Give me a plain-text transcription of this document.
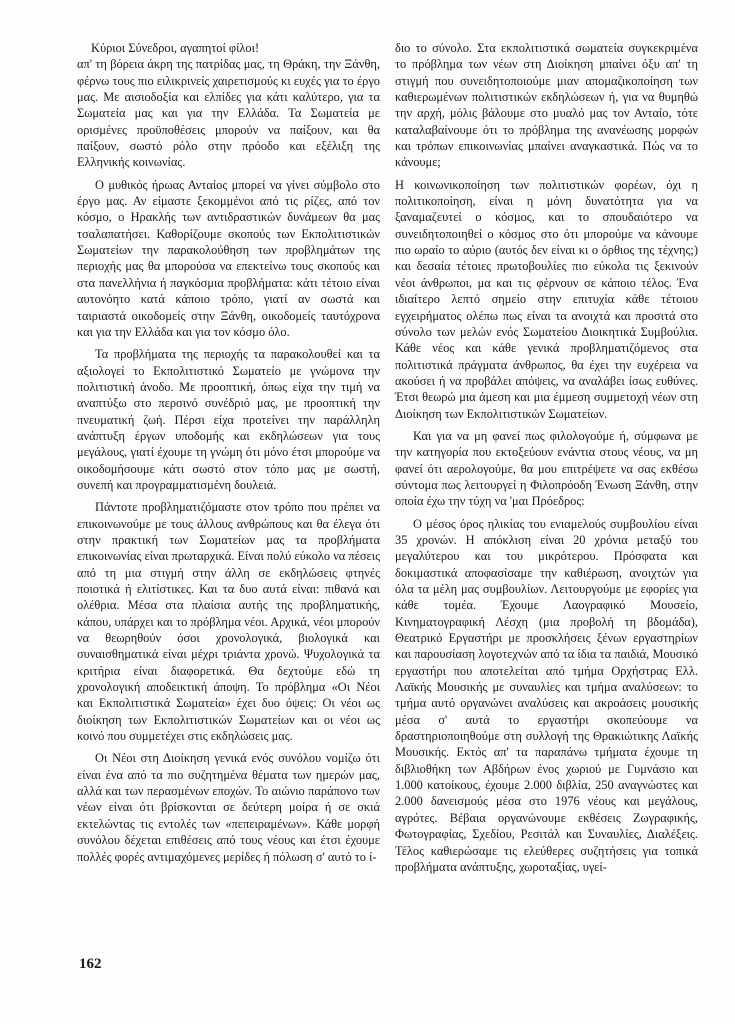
Κύριοι Σύνεδροι, αγαπητοί φίλοι!

απ' τη βόρεια άκρη της πατρίδας μας, τη Θράκη, την Ξάνθη, φέρνω τους πιο ειλικρινείς χαιρετισμούς κι ευχές για το έργο μας. Με αισιοδοξία και ελπίδες για κάτι καλύτερο, για τα Σωματεία μας και για την Ελλάδα. Τα Σωματεία με ορισμένες προϋποθέσεις μπορούν να παίξουν, και θα παίξουν, σωστό ρόλο στην πρόοδο και εξέλιξη της Ελληνικής κοινωνίας.

Ο μυθικός ήρωας Ανταίος μπορεί να γίνει σύμβολο στο έργο μας. Αν είμαστε ξεκομμένοι από τις ρίζες, από τον κόσμο, ο Ηρακλής των αντιδραστικών δυνάμεων θα μας τσαλαπατήσει. Καθορίζουμε σκοπούς των Εκπολιτιστικών Σωματείων την παρακολούθηση των προβλημάτων της περιοχής μας θα μπορούσα να επεκτείνω τους σκοπούς και στα πανελλήνια ή παγκόσμια προβλήματα: κάτι τέτοιο είναι αυτονόητο κατά κάποιο τρόπο, γιατί αν σωστά και ταιριαστά οικοδομείς στην Ξάνθη, οικοδομείς ταυτόχρονα και για την Ελλάδα και για τον κόσμο όλο.

Τα προβλήματα της περιοχής τα παρακολουθεί και τα αξιολογεί το Εκπολιτιστικό Σωματείο με γνώμονα την πολιτιστική άνοδο. Με προοπτική, όπως είχα την τιμή να αναπτύξω στο περσινό συνέδριό μας, με προοπτική την πνευματική ζωή. Πέρσι είχα προτείνει την παράλληλη ανάπτυξη έργων υποδομής και εκδηλώσεων για τους μεγάλους, γιατί έχουμε τη γνώμη ότι μόνο έτσι μπορούμε να οικοδομήσουμε κάτι σωστό στον τόπο μας με σωστή, συνεπή και προγραμματισμένη δουλειά.

Πάντοτε προβληματιζόμαστε στον τρόπο που πρέπει να επικοινωνούμε με τους άλλους ανθρώπους και θα έλεγα ότι στην πρακτική των Σωματείων μας τα προβλήματα επικοινωνίας είναι πρωταρχικά. Είναι πολύ εύκολο να πέσεις από τη μια στιγμή στην άλλη σε εκδηλώσεις φτηνές ποιοτικά ή ελιτίστικες. Και τα δυο αυτά είναι: πιθανά και ολέθρια. Μέσα στα πλαίσια αυτής της προβληματικής, κάπου, υπάρχει και το πρόβλημα νέοι. Αρχικά, νέοι μπορούν να θεωρηθούν όσοι χρονολογικά, βιολογικά και συναισθηματικά είναι μέχρι τριάντα χρονώ. Ψυχολογικά τα κριτήρια είναι διαφορετικά. Θα δεχτούμε εδώ τη χρονολογική αποδεικτική άποψη. Το πρόβλημα «Οι Νέοι και Εκπολιτιστικά Σωματεία» έχει δυο όψεις: Οι νέοι ως διοίκηση των Εκπολιτιστικών Σωματείων και οι νέοι ως κοινό που συμμετέχει στις εκδηλώσεις μας.

Οι Νέοι στη Διοίκηση γενικά ενός συνόλου νομίζω ότι είναι ένα από τα πιο συζητημένα θέματα των ημερών μας, αλλά και των περασμένων εποχών. Το αιώνιο παράπονο των νέων είναι ότι βρίσκονται σε δεύτερη μοίρα ή σε σκιά εκτελώντας τις εντολές των «πεπειραμένων». Κάθε μορφή συνόλου δέχεται επιθέσεις από τους νέους και έτσι έχουμε πολλές φορές αντιμαχόμενες μερίδες ή πόλωση σ' αυτό το ί-

διο το σύνολο. Στα εκπολιτιστικά σωματεία συγκεκριμένα το πρόβλημα των νέων στη Διοίκηση μπαίνει όξυ απ' τη στιγμή που συνειδητοποιούμε μιαν απομαζικοποίηση των καθιερωμένων πολιτιστικών εκδηλώσεων ή, για να θυμηθώ την αρχή, μόλις βάλουμε στο μυαλό μας τον Ανταίο, τότε καταλαβαίνουμε ότι το πρόβλημα της ανανέωσης μορφών και τρόπων επικοινωνίας μπαίνει αναγκαστικά. Πώς να το κάνουμε;

Η κοινωνικοποίηση των πολιτιστικών φορέων, όχι η πολιτικοποίηση, είναι η μόνη δυνατότητα για να ξαναμαζευτεί ο κόσμος, και το σπουδαιότερο να συνειδητοποιηθεί ο κόσμος στο ότι μπορούμε να κάνουμε πιο ωραίο το αύριο (αυτός δεν είναι κι ο όρθιος της τέχνης;) και δεσαία τέτοιες πρωτοβουλίες πιο εύκολα τις ξεκινούν νέοι άνθρωποι, μα και τις φέρνουν σε κάποιο τέλος. Ένα ιδιαίτερο λεπτό σημείο στην επιτυχία κάθε τέτοιου εγχειρήματος ολέπω πως είναι τα ανοιχτά και προσιτά στο σύνολο των μελών ενός Σωματείου Διοικητικά Συμβούλια. Κάθε νέος και κάθε γενικά προβληματιζόμενος στα πολιτιστικά πράγματα άνθρωπος, θα έχει την ευχέρεια να ακούσει ή να προβάλει απόψεις, να αναλάβει ίσως ευθύνες. Έτσι θεωρώ μια άμεση και μια έμμεση συμμετοχή νέων στη Διοίκηση των Εκπολιτιστικών Σωματείων.

Και για να μη φανεί πως φιλολογούμε ή, σύμφωνα με την κατηγορία που εκτοξεύουν ενάντια στους νέους, να μη φανεί ότι αερολογούμε, θα μου επιτρέψετε να σας εκθέσω σύντομα πως λειτουργεί η Φιλοπρόοδη Ένωση Ξάνθη, στην οποία έχω την τύχη να 'μαι Πρόεδρος:

Ο μέσος όρος ηλικίας του ενιαμελούς συμβουλίου είναι 35 χρονών. Η απόκλιση είναι 20 χρόνια μεταξύ του μεγαλύτερου και του μικρότερου. Πρόσφατα και δοκιμαστικά αποφασίσαμε την καθιέρωση, ανοιχτών για όλα τα μέλη μας συμβουλίων. Λειτουργούμε με εφορίες για κάθε τομέα. Έχουμε Λαογραφικό Μουσείο, Κινηματογραφική Λέσχη (μια προβολή τη βδομάδα), Θεατρικό Εργαστήρι με προσκλήσεις ξένων εργαστηρίων και παρουσίαση λογοτεχνών από τα ίδια τα παιδιά, Μουσικό εργαστήρι που αποτελείται από τμήμα Ορχήστρας Ελλ. Λαϊκής Μουσικής με συναυλίες και τμήμα αναλύσεων: το τμήμα αυτό οργανώνει αναλύσεις και ακροάσεις μουσικής μέσα σ' αυτά το εργαστήρι σκοπεύουμε να δραστηριοποιηθούμε στη συλλογή της Θρακιώτικης Λαϊκής Μουσικής. Εκτός απ' τα παραπάνω τμήματα έχουμε τη διβλιοθήκη των Αβδήρων ένος χωριού με Γυμνάσιο και 1.000 κατοίκους, έχουμε 2.000 διβλία, 250 αναγνώστες και 2.000 δανεισμούς μέσα στο 1976 νέους και μεγάλους, αγρότες. Βέβαια οργανώνουμε εκθέσεις Ζωγραφικής, Φωτογραφίας, Σχεδίου, Ρεσιτάλ και Συναυλίες, Διαλέξεις. Τέλος καθιερώσαμε τις ελεύθερες συζητήσεις για τοπικά προβλήματα ανάπτυξης, χωροταξίας, υγεί-

162
